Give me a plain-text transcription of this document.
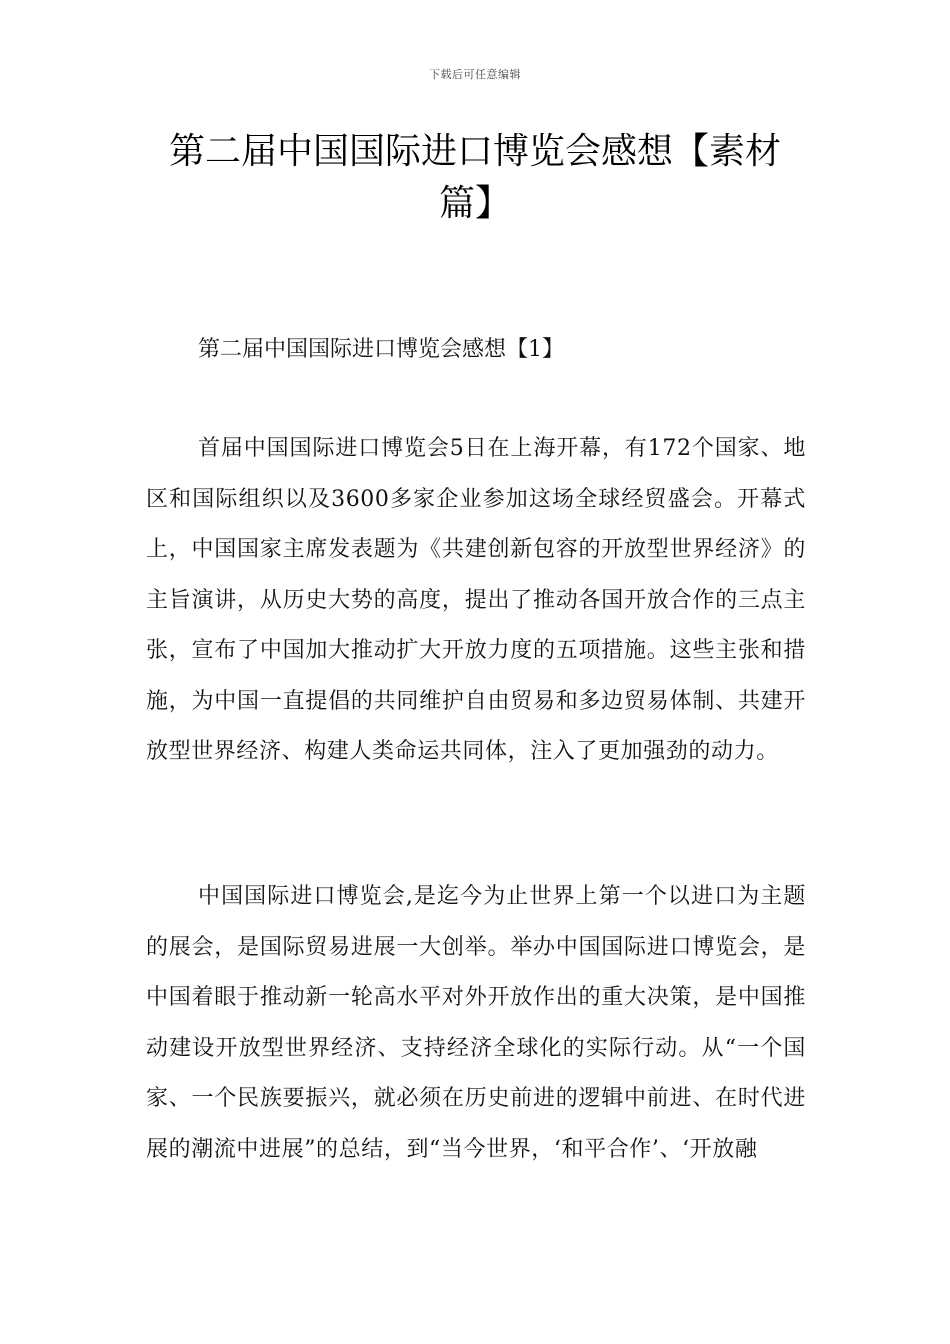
下载后可任意编辑
第二届中国国际进口博览会感想【素材篇】
第二届中国国际进口博览会感想【1】

首届中国国际进口博览会5日在上海开幕，有172个国家、地区和国际组织以及3600多家企业参加这场全球经贸盛会。开幕式上，中国国家主席发表题为《共建创新包容的开放型世界经济》的主旨演讲，从历史大势的高度，提出了推动各国开放合作的三点主张，宣布了中国加大推动扩大开放力度的五项措施。这些主张和措施，为中国一直提倡的共同维护自由贸易和多边贸易体制、共建开放型世界经济、构建人类命运共同体，注入了更加强劲的动力。

中国国际进口博览会,是迄今为止世界上第一个以进口为主题的展会，是国际贸易进展一大创举。举办中国国际进口博览会，是中国着眼于推动新一轮高水平对外开放作出的重大决策，是中国推动建设开放型世界经济、支持经济全球化的实际行动。从“一个国家、一个民族要振兴，就必须在历史前进的逻辑中前进、在时代进展的潮流中进展”的总结，到“当今世界，‘和平合作’、‘开放融
